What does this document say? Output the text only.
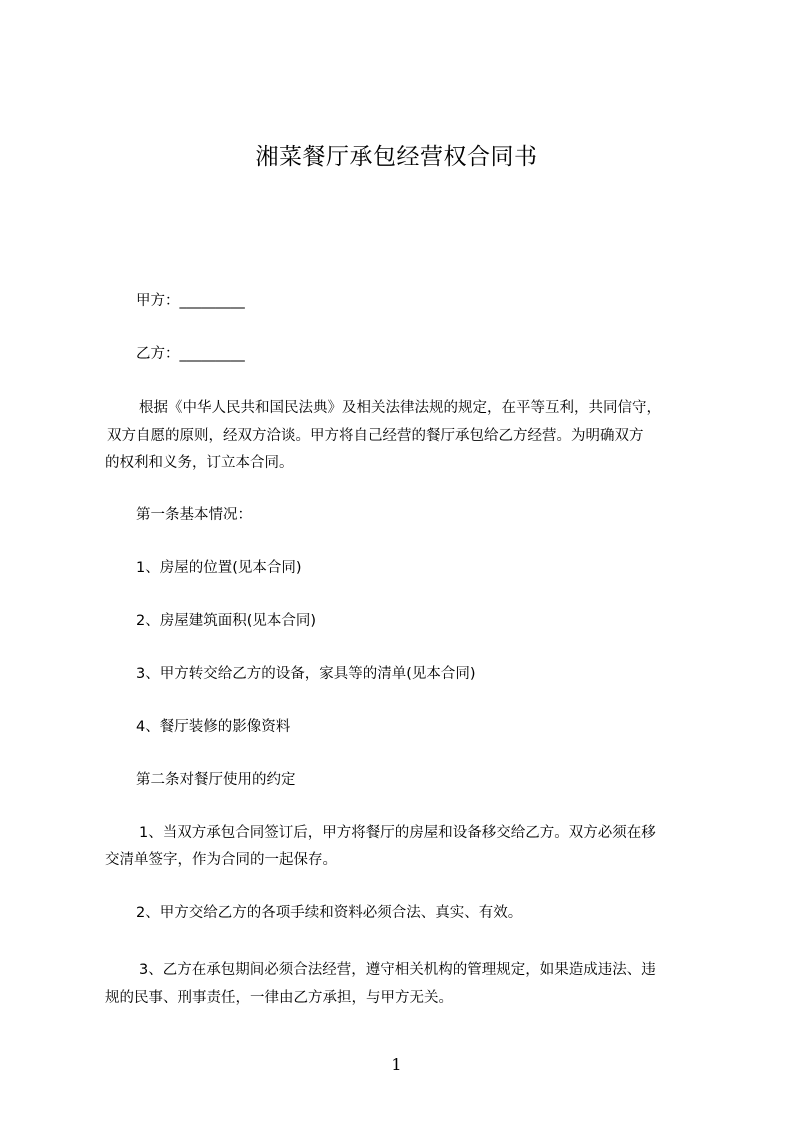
湘菜餐厅承包经营权合同书
甲方：_________
乙方：_________
根据《中华人民共和国民法典》及相关法律法规的规定，在平等互利，共同信守，
双方自愿的原则，经双方洽谈。甲方将自己经营的餐厅承包给乙方经营。为明确双方
的权利和义务，订立本合同。
第一条基本情况：
1、房屋的位置(见本合同)
2、房屋建筑面积(见本合同)
3、甲方转交给乙方的设备，家具等的清单(见本合同)
4、餐厅装修的影像资料
第二条对餐厅使用的约定
1、当双方承包合同签订后，甲方将餐厅的房屋和设备移交给乙方。双方必须在移
交清单签字，作为合同的一起保存。
2、甲方交给乙方的各项手续和资料必须合法、真实、有效。
3、乙方在承包期间必须合法经营，遵守相关机构的管理规定，如果造成违法、违
规的民事、刑事责任，一律由乙方承担，与甲方无关。
1
